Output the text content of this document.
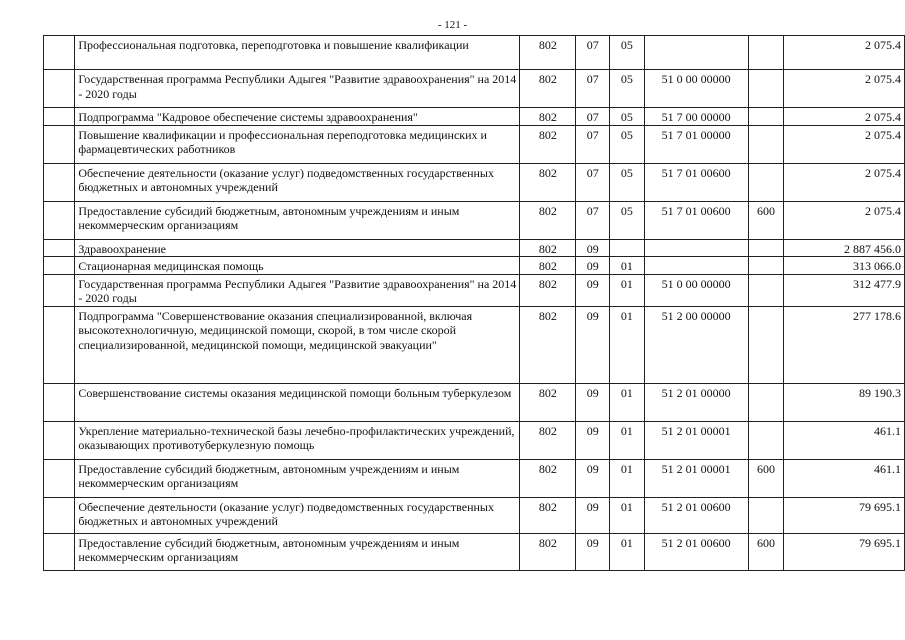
- 121 -
	Профессиональная подготовка, переподготовка и повышение квалификации	802	07	05			2 075.4
	Государственная программа Республики Адыгея "Развитие здравоохранения" на 2014 - 2020 годы	802	07	05	51 0 00 00000		2 075.4
	Подпрограмма "Кадровое обеспечение системы здравоохранения"	802	07	05	51 7 00 00000		2 075.4
	Повышение квалификации и профессиональная переподготовка медицинских и фармацевтических работников	802	07	05	51 7 01 00000		2 075.4
	Обеспечение деятельности (оказание услуг) подведомственных государственных бюджетных и автономных учреждений	802	07	05	51 7 01 00600		2 075.4
	Предоставление субсидий бюджетным, автономным учреждениям и иным некоммерческим организациям	802	07	05	51 7 01 00600	600	2 075.4
	Здравоохранение	802	09				2 887 456.0
	Стационарная медицинская помощь	802	09	01			313 066.0
	Государственная программа Республики Адыгея "Развитие здравоохранения" на 2014 - 2020 годы	802	09	01	51 0 00 00000		312 477.9
	Подпрограмма "Совершенствование оказания специализированной, включая высокотехнологичную, медицинской помощи, скорой, в том числе скорой специализированной, медицинской помощи, медицинской эвакуации"	802	09	01	51 2 00 00000		277 178.6
	Совершенствование системы оказания медицинской помощи больным туберкулезом	802	09	01	51 2 01 00000		89 190.3
	Укрепление материально-технической базы лечебно-профилактических учреждений, оказывающих противотуберкулезную помощь	802	09	01	51 2 01 00001		461.1
	Предоставление субсидий бюджетным, автономным учреждениям и иным некоммерческим организациям	802	09	01	51 2 01 00001	600	461.1
	Обеспечение деятельности (оказание услуг) подведомственных государственных бюджетных и автономных учреждений	802	09	01	51 2 01 00600		79 695.1
	Предоставление субсидий бюджетным, автономным учреждениям и иным некоммерческим организациям	802	09	01	51 2 01 00600	600	79 695.1
